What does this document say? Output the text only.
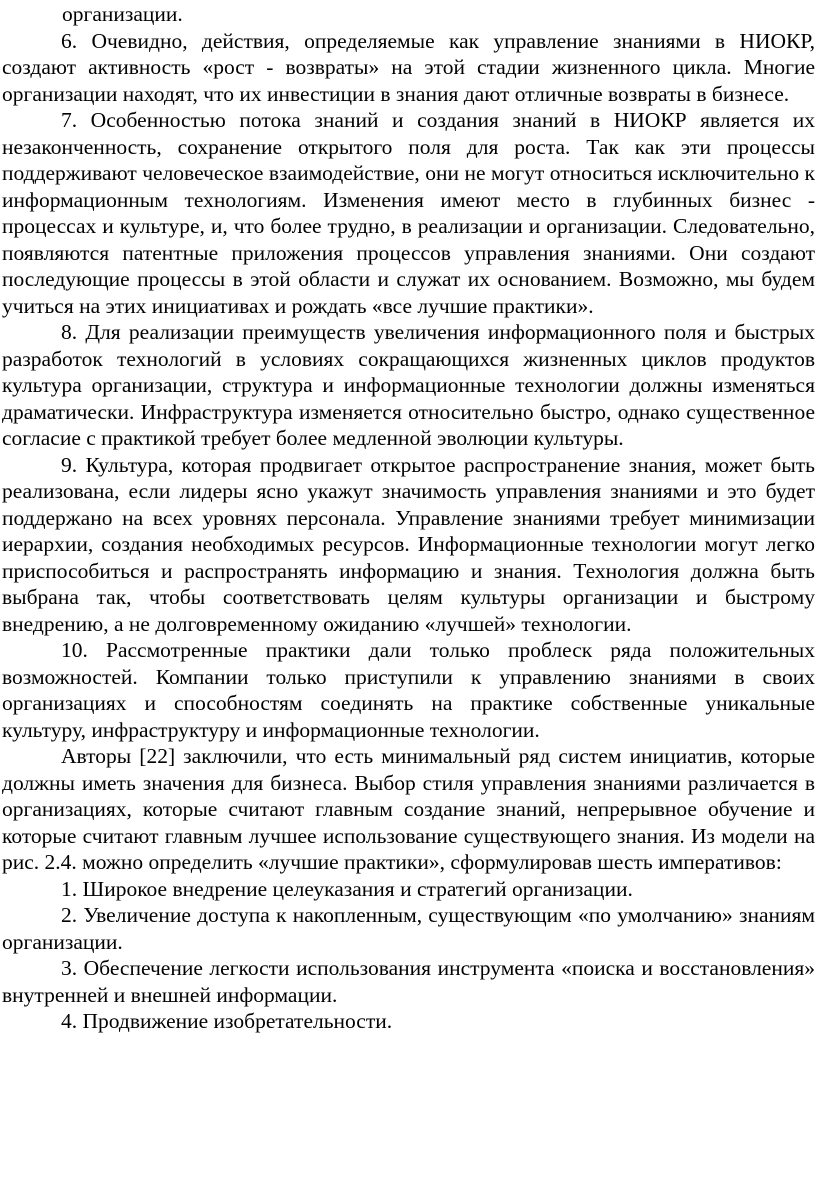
организации.

6. Очевидно, действия, определяемые как управление знаниями в НИОКР, создают активность «рост - возвраты» на этой стадии жизненного цикла. Многие организации находят, что их инвестиции в знания дают отличные возвраты в бизнесе.

7. Особенностью потока знаний и создания знаний в НИОКР является их незаконченность, сохранение открытого поля для роста. Так как эти процессы поддерживают человеческое взаимодействие, они не могут относиться исключительно к информационным технологиям. Изменения имеют место в глубинных бизнес - процессах и культуре, и, что более трудно, в реализации и организации. Следовательно, появляются патентные приложения процессов управления знаниями. Они создают последующие процессы в этой области и служат их основанием. Возможно, мы будем учиться на этих инициативах и рождать «все лучшие практики».

8. Для реализации преимуществ увеличения информационного поля и быстрых разработок технологий в условиях сокращающихся жизненных циклов продуктов культура организации, структура и информационные технологии должны изменяться драматически. Инфраструктура изменяется относительно быстро, однако существенное согласие с практикой требует более медленной эволюции культуры.

9. Культура, которая продвигает открытое распространение знания, может быть реализована, если лидеры ясно укажут значимость управления знаниями и это будет поддержано на всех уровнях персонала. Управление знаниями требует минимизации иерархии, создания необходимых ресурсов. Информационные технологии могут легко приспособиться и распространять информацию и знания. Технология должна быть выбрана так, чтобы соответствовать целям культуры организации и быстрому внедрению, а не долговременному ожиданию «лучшей» технологии.

10. Рассмотренные практики дали только проблеск ряда положительных возможностей. Компании только приступили к управлению знаниями в своих организациях и способностям соединять на практике собственные уникальные культуру, инфраструктуру и информационные технологии.

Авторы [22] заключили, что есть минимальный ряд систем инициатив, которые должны иметь значения для бизнеса. Выбор стиля управления знаниями различается в организациях, которые считают главным создание знаний, непрерывное обучение и которые считают главным лучшее использование существующего знания. Из модели на рис. 2.4. можно определить «лучшие практики», сформулировав шесть императивов:

1. Широкое внедрение целеуказания и стратегий организации.

2. Увеличение доступа к накопленным, существующим «по умолчанию» знаниям организации.

3. Обеспечение легкости использования инструмента «поиска и восстановления» внутренней и внешней информации.

4. Продвижение изобретательности.
